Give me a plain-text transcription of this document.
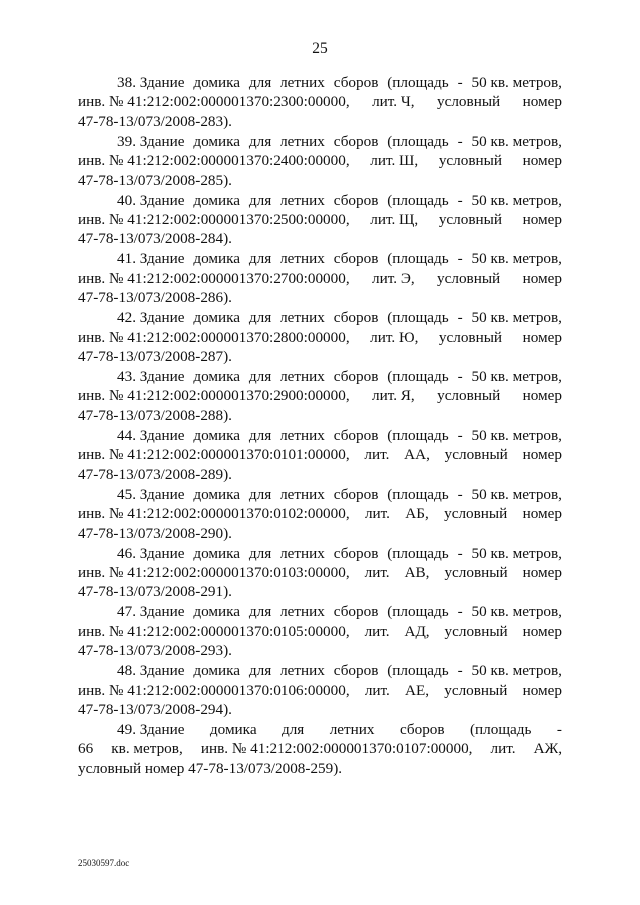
25
38. Здание домика для летних сборов (площадь - 50 кв. метров,
инв. № 41:212:002:000001370:2300:00000, лит. Ч, условный номер
47-78-13/073/2008-283).
39. Здание домика для летних сборов (площадь - 50 кв. метров,
инв. № 41:212:002:000001370:2400:00000, лит. Ш, условный номер
47-78-13/073/2008-285).
40. Здание домика для летних сборов (площадь - 50 кв. метров,
инв. № 41:212:002:000001370:2500:00000, лит. Щ, условный номер
47-78-13/073/2008-284).
41. Здание домика для летних сборов (площадь - 50 кв. метров,
инв. № 41:212:002:000001370:2700:00000, лит. Э, условный номер
47-78-13/073/2008-286).
42. Здание домика для летних сборов (площадь - 50 кв. метров,
инв. № 41:212:002:000001370:2800:00000, лит. Ю, условный номер
47-78-13/073/2008-287).
43. Здание домика для летних сборов (площадь - 50 кв. метров,
инв. № 41:212:002:000001370:2900:00000, лит. Я, условный номер
47-78-13/073/2008-288).
44. Здание домика для летних сборов (площадь - 50 кв. метров,
инв. № 41:212:002:000001370:0101:00000, лит. АА, условный номер
47-78-13/073/2008-289).
45. Здание домика для летних сборов (площадь - 50 кв. метров,
инв. № 41:212:002:000001370:0102:00000, лит. АБ, условный номер
47-78-13/073/2008-290).
46. Здание домика для летних сборов (площадь - 50 кв. метров,
инв. № 41:212:002:000001370:0103:00000, лит. АВ, условный номер
47-78-13/073/2008-291).
47. Здание домика для летних сборов (площадь - 50 кв. метров,
инв. № 41:212:002:000001370:0105:00000, лит. АД, условный номер
47-78-13/073/2008-293).
48. Здание домика для летних сборов (площадь - 50 кв. метров,
инв. № 41:212:002:000001370:0106:00000, лит. АЕ, условный номер
47-78-13/073/2008-294).
49. Здание домика для летних сборов (площадь -
66 кв. метров, инв. № 41:212:002:000001370:0107:00000, лит. АЖ,
условный номер 47-78-13/073/2008-259).
25030597.doc
